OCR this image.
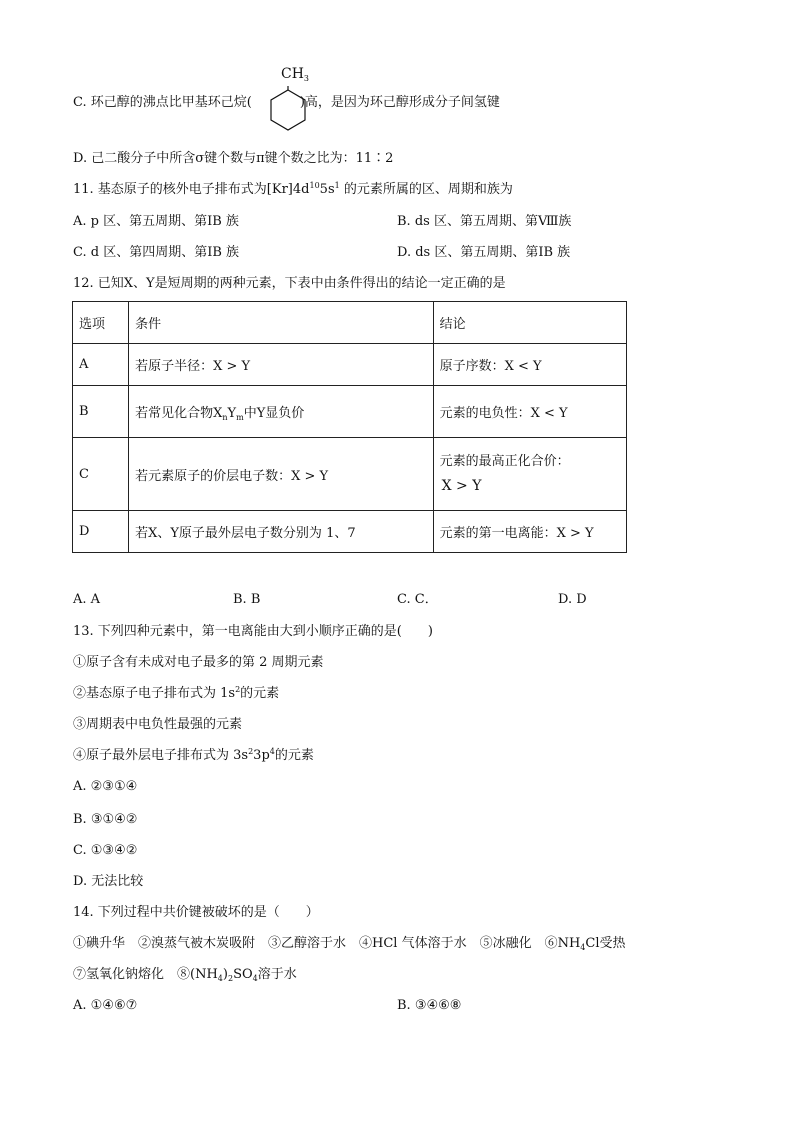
$CH_3$
C. 环己醇的沸点比甲基环己烷(	)高，是因为环己醇形成分子间氢键
D. 己二酸分子中所含σ键个数与π键个数之比为：11∶2
11. 基态原子的核外电子排布式为$[Kr]4d^{10}5s^1$ 的元素所属的区、周期和族为
A. p 区、第五周期、第ⅠB 族	B. ds 区、第五周期、第Ⅷ族
C. d 区、第四周期、第ⅠB 族	D. ds 区、第五周期、第ⅠB 族
12. 已知X、Y是短周期的两种元素，下表中由条件得出的结论一定正确的是
选项	条件	结论
A	若原子半径：X > Y	原子序数：X < Y
B	若常见化合物$X_nY_m$中Y显负价	元素的电负性：X < Y
C	若元素原子的价层电子数：X > Y	元素的最高正化合价：
X > Y

D	若X、Y原子最外层电子数分别为 1、7	元素的第一电离能：X > Y
A. A	B. B	C. C．	D. D
13. 下列四种元素中，第一电离能由大到小顺序正确的是(　　)
①原子含有未成对电子最多的第 2 周期元素
②基态原子电子排布式为 $1s^2$的元素
③周期表中电负性最强的元素
④原子最外层电子排布式为 $3s^23p^4$的元素
A. ②③①④
B. ③①④②
C. ①③④②
D. 无法比较
14. 下列过程中共价键被破坏的是（　　）
①碘升华　②溴蒸气被木炭吸附　③乙醇溶于水　④HCl 气体溶于水　⑤冰融化　$⑥NH_4Cl$受热
⑦氢氧化钠熔化　$⑧(NH_4)_2SO_4$溶于水
A. ①④⑥⑦	B. ③④⑥⑧
